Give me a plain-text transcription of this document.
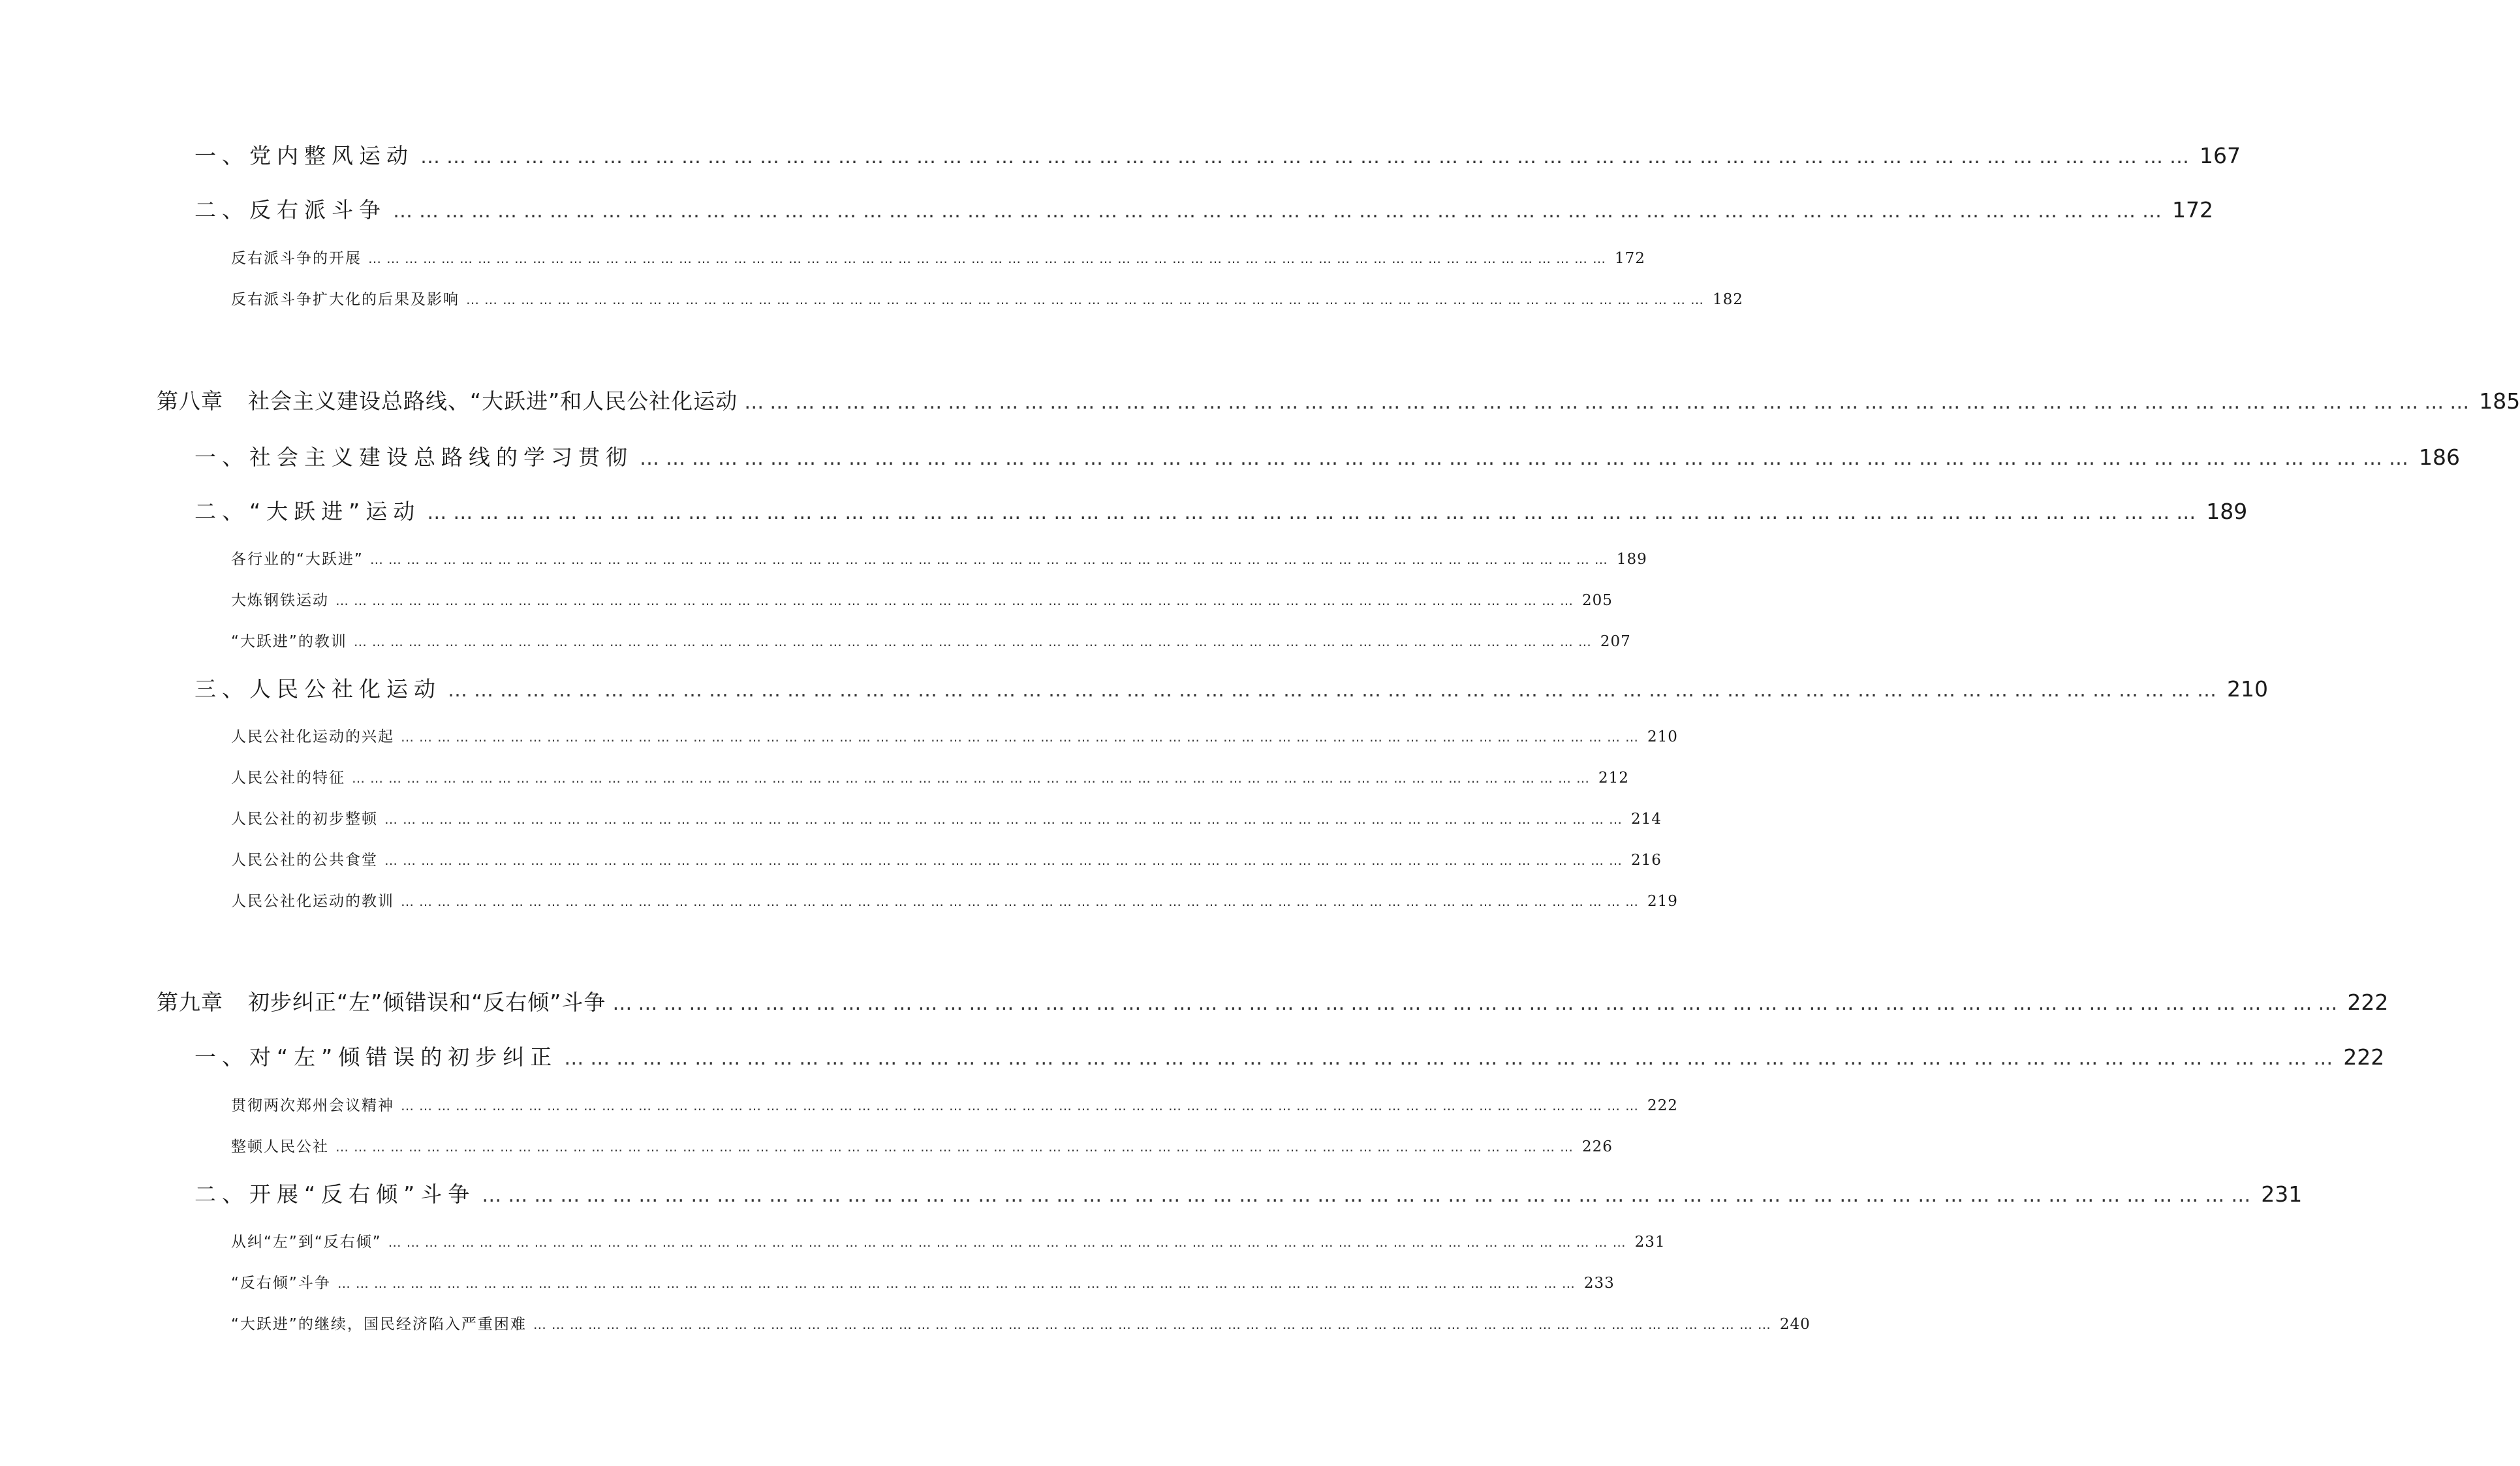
一、党内整风运动 …………………………………………………………………………………………………………………………………………………………………………………… 167
二、反右派斗争 …………………………………………………………………………………………………………………………………………………………………………………… 172
反右派斗争的开展 …………………………………………………………………………………………………………………………………………………………………………………… 172
反右派斗争扩大化的后果及影响 …………………………………………………………………………………………………………………………………………………………………………………… 182
第八章 社会主义建设总路线、“大跃进”和人民公社化运动 …………………………………………………………………………………………………………………………………………………………………………………… 185
一、社会主义建设总路线的学习贯彻 …………………………………………………………………………………………………………………………………………………………………………………… 186
二、“大跃进”运动 …………………………………………………………………………………………………………………………………………………………………………………… 189
各行业的“大跃进” …………………………………………………………………………………………………………………………………………………………………………………… 189
大炼钢铁运动 …………………………………………………………………………………………………………………………………………………………………………………… 205
“大跃进”的教训 …………………………………………………………………………………………………………………………………………………………………………………… 207
三、人民公社化运动 …………………………………………………………………………………………………………………………………………………………………………………… 210
人民公社化运动的兴起 …………………………………………………………………………………………………………………………………………………………………………………… 210
人民公社的特征 …………………………………………………………………………………………………………………………………………………………………………………… 212
人民公社的初步整顿 …………………………………………………………………………………………………………………………………………………………………………………… 214
人民公社的公共食堂 …………………………………………………………………………………………………………………………………………………………………………………… 216
人民公社化运动的教训 …………………………………………………………………………………………………………………………………………………………………………………… 219
第九章 初步纠正“左”倾错误和“反右倾”斗争 …………………………………………………………………………………………………………………………………………………………………………………… 222
一、对“左”倾错误的初步纠正 …………………………………………………………………………………………………………………………………………………………………………………… 222
贯彻两次郑州会议精神 …………………………………………………………………………………………………………………………………………………………………………………… 222
整顿人民公社 …………………………………………………………………………………………………………………………………………………………………………………… 226
二、开展“反右倾”斗争 …………………………………………………………………………………………………………………………………………………………………………………… 231
从纠“左”到“反右倾” …………………………………………………………………………………………………………………………………………………………………………………… 231
“反右倾”斗争 …………………………………………………………………………………………………………………………………………………………………………………… 233
“大跃进”的继续，国民经济陷入严重困难 …………………………………………………………………………………………………………………………………………………………………………………… 240
